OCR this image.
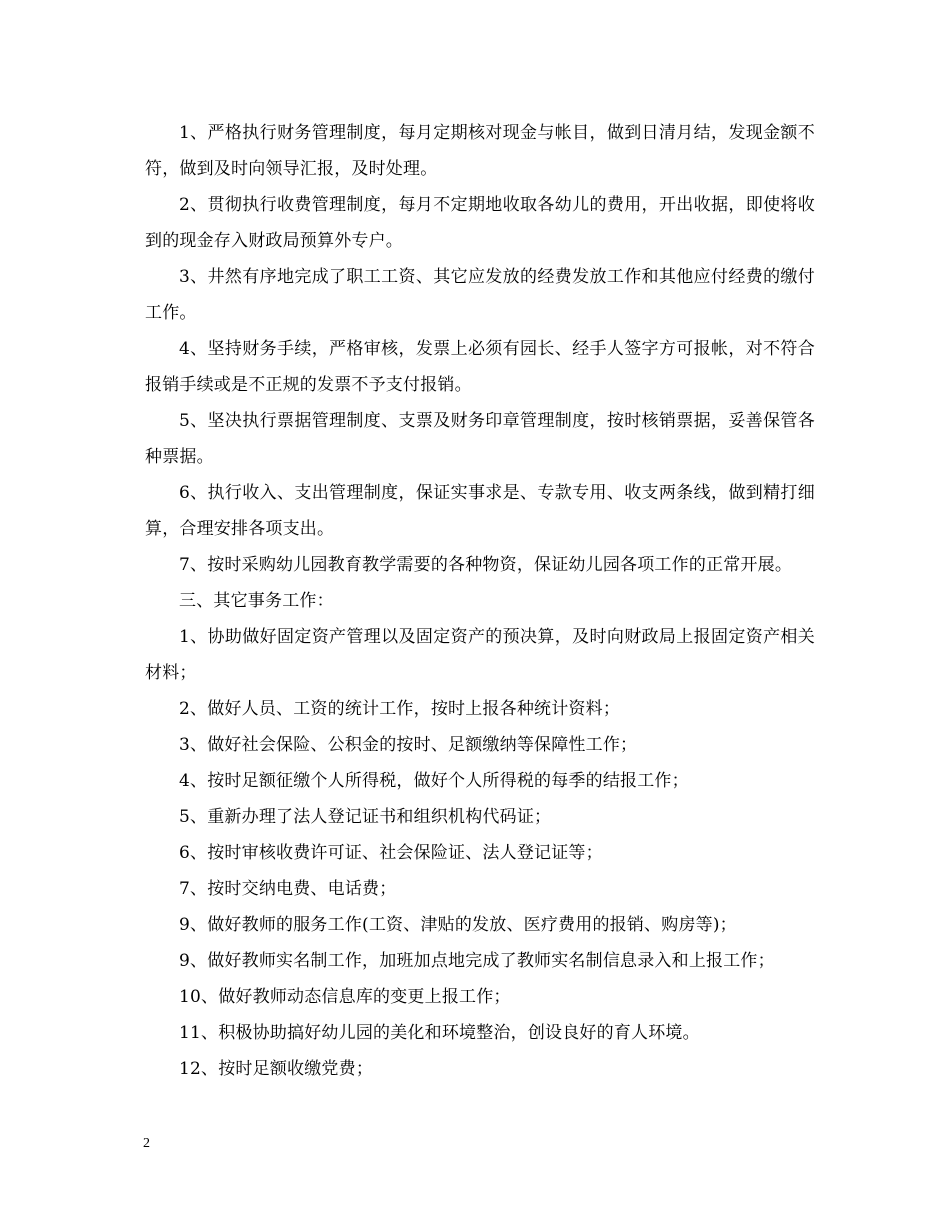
1、严格执行财务管理制度，每月定期核对现金与帐目，做到日清月结，发现金额不符，做到及时向领导汇报，及时处理。

2、贯彻执行收费管理制度，每月不定期地收取各幼儿的费用，开出收据，即使将收到的现金存入财政局预算外专户。

3、井然有序地完成了职工工资、其它应发放的经费发放工作和其他应付经费的缴付工作。

4、坚持财务手续，严格审核，发票上必须有园长、经手人签字方可报帐，对不符合报销手续或是不正规的发票不予支付报销。

5、坚决执行票据管理制度、支票及财务印章管理制度，按时核销票据，妥善保管各种票据。

6、执行收入、支出管理制度，保证实事求是、专款专用、收支两条线，做到精打细算，合理安排各项支出。

7、按时采购幼儿园教育教学需要的各种物资，保证幼儿园各项工作的正常开展。

三、其它事务工作：

1、协助做好固定资产管理以及固定资产的预决算，及时向财政局上报固定资产相关材料；

2、做好人员、工资的统计工作，按时上报各种统计资料；

3、做好社会保险、公积金的按时、足额缴纳等保障性工作；

4、按时足额征缴个人所得税，做好个人所得税的每季的结报工作；

5、重新办理了法人登记证书和组织机构代码证；

6、按时审核收费许可证、社会保险证、法人登记证等；

7、按时交纳电费、电话费；

9、做好教师的服务工作(工资、津贴的发放、医疗费用的报销、购房等)；

9、做好教师实名制工作，加班加点地完成了教师实名制信息录入和上报工作；

10、做好教师动态信息库的变更上报工作；

11、积极协助搞好幼儿园的美化和环境整治，创设良好的育人环境。

12、按时足额收缴党费；

2
